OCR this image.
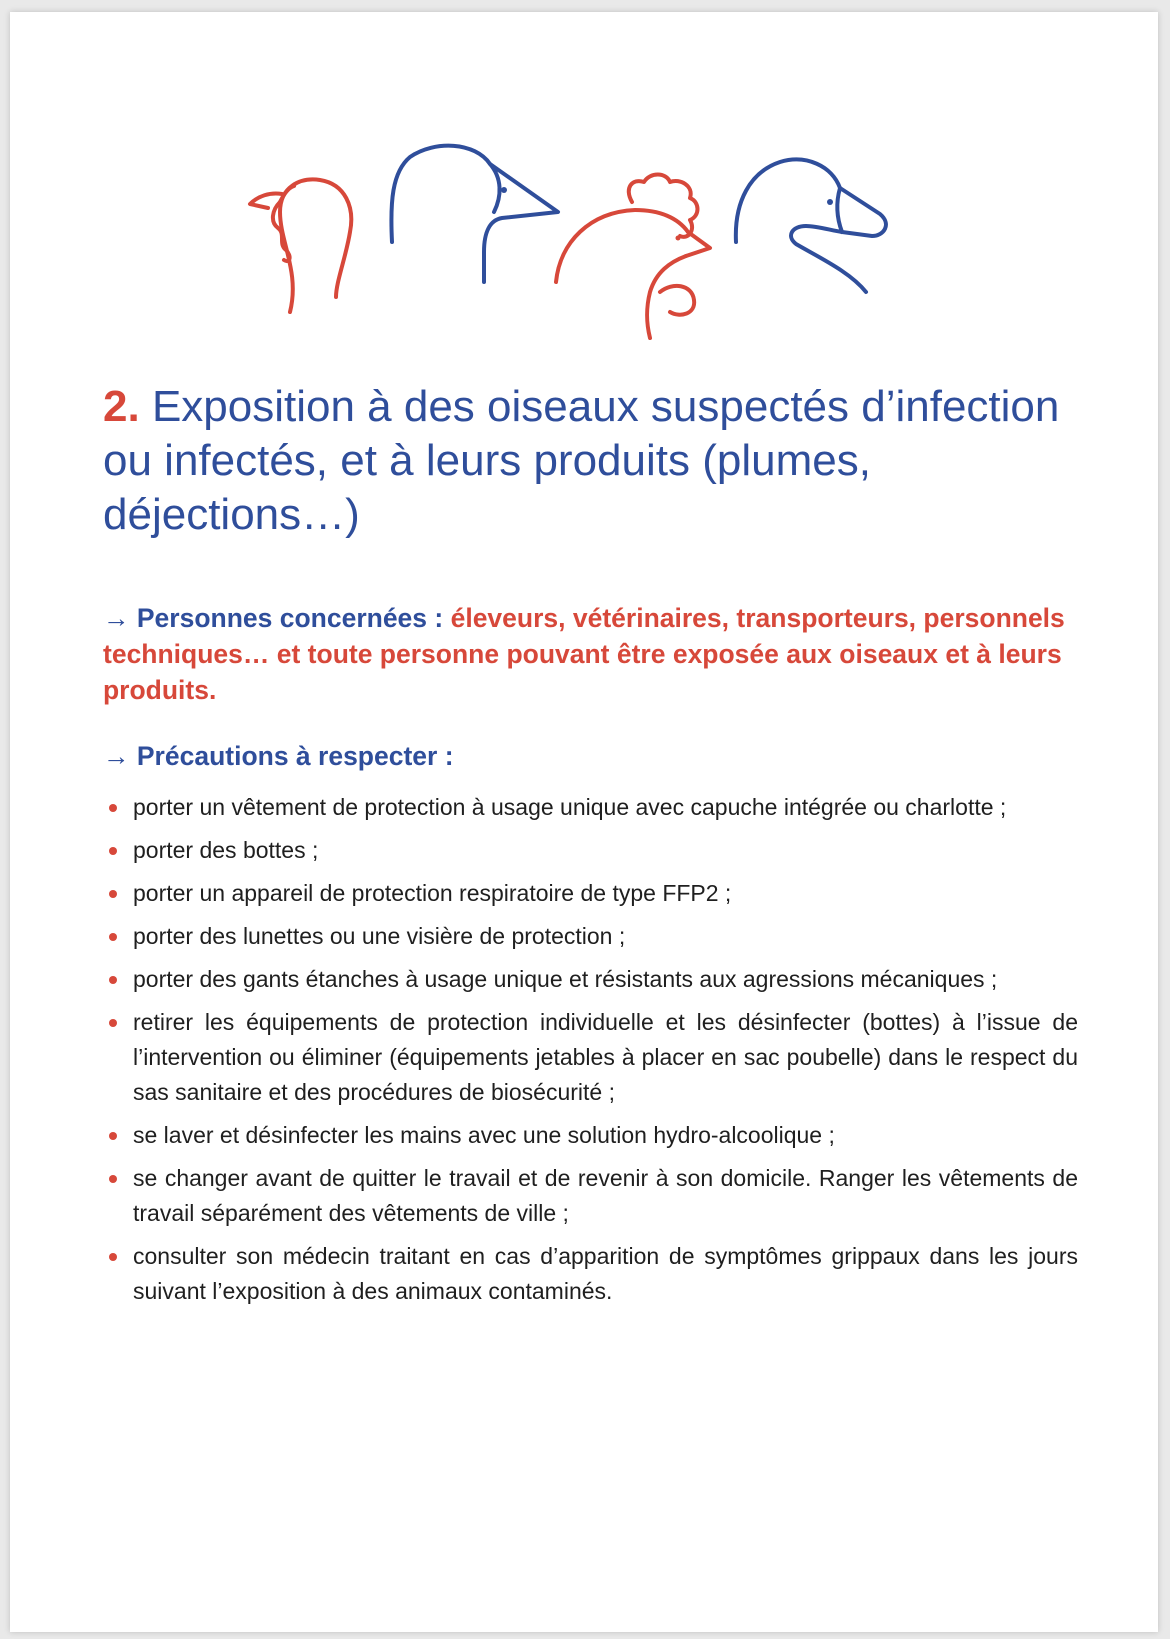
2. Exposition à des oiseaux suspectés d’infection ou infectés, et à leurs produits (plumes, déjections…)

→ Personnes concernées : éleveurs, vétérinaires, transporteurs, personnels techniques… et toute personne pouvant être exposée aux oiseaux et à leurs produits.

→ Précautions à respecter :
porter un vêtement de protection à usage unique avec capuche intégrée ou charlotte ;
porter des bottes ;
porter un appareil de protection respiratoire de type FFP2 ;
porter des lunettes ou une visière de protection ;
porter des gants étanches à usage unique et résistants aux agressions mécaniques ;
retirer les équipements de protection individuelle et les désinfecter (bottes) à l’issue de l’intervention ou éliminer (équipements jetables à placer en sac poubelle) dans le respect du sas sanitaire et des procédures de biosécurité ;
se laver et désinfecter les mains avec une solution hydro-alcoolique ;
se changer avant de quitter le travail et de revenir à son domicile. Ranger les vêtements de travail séparément des vêtements de ville ;
consulter son médecin traitant en cas d’apparition de symptômes grippaux dans les jours suivant l’exposition à des animaux contaminés.
